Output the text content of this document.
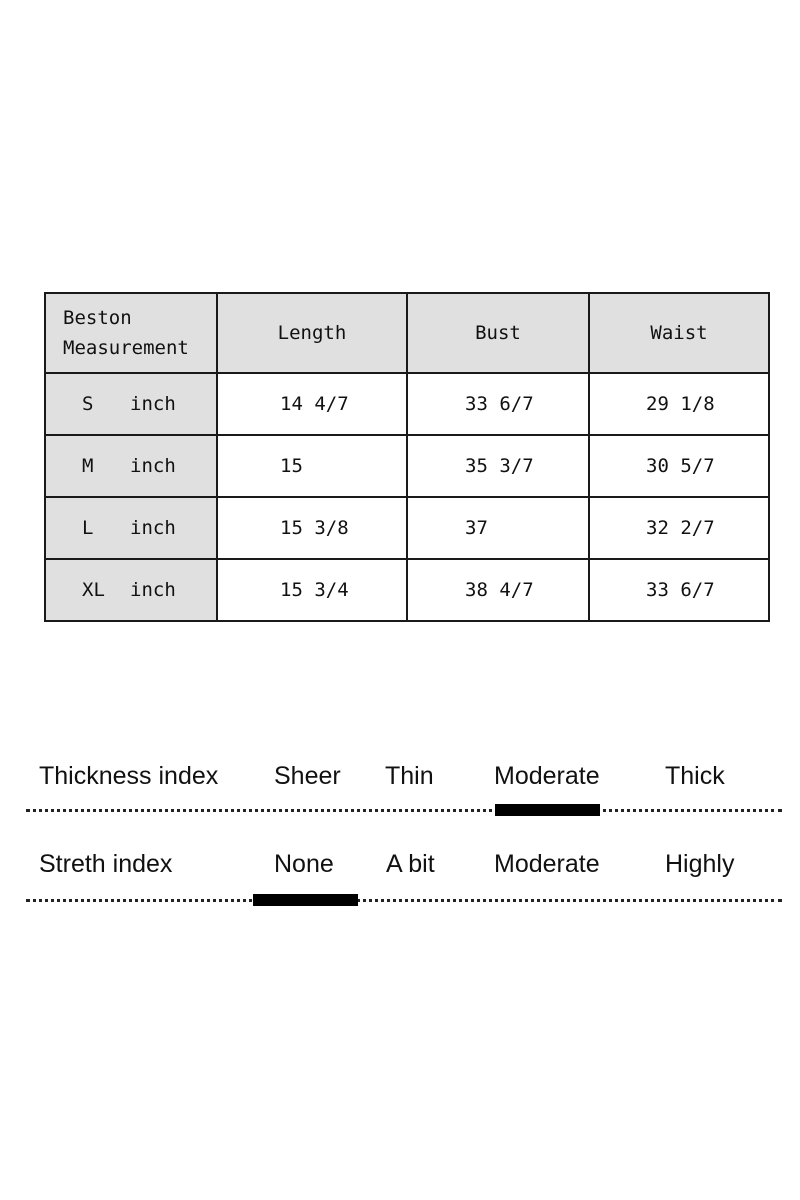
Beston
Measurement	Length	Bust	Waist
S inch	14 4/7	33 6/7	29 1/8
M inch	15	35 3/7	30 5/7
L inch	15 3/8	37	32 2/7
XL inch	15 3/4	38 4/7	33 6/7
Thickness index Sheer Thin Moderate	Thick
Streth index	None A bit Moderate	Highly
